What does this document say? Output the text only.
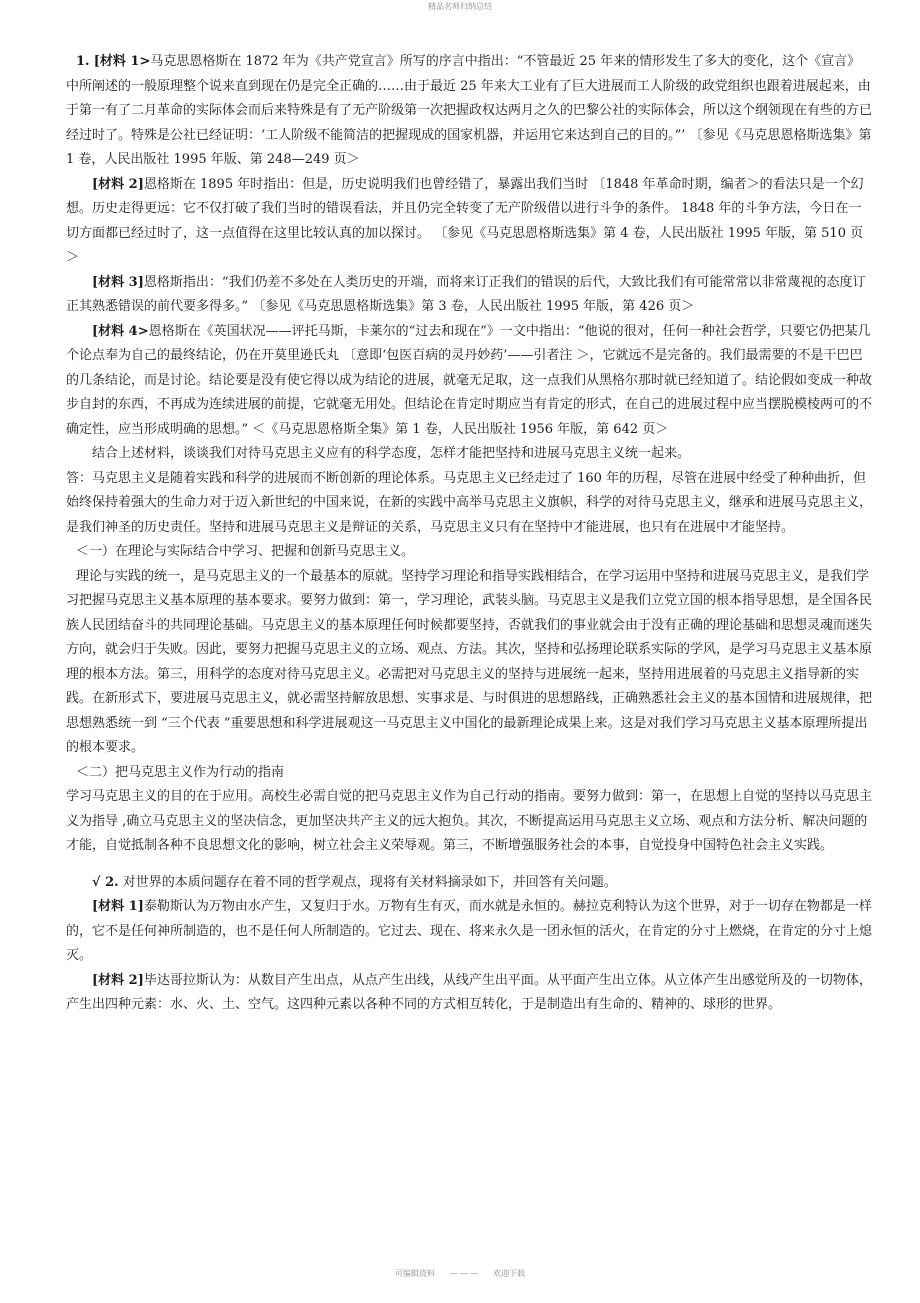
精品名师归纳总结

1. [材料 1>马克思恩格斯在 1872 年为《共产党宣言》所写的序言中指出：“不管最近 25 年来的情形发生了多大的变化，这个《宣言》中所阐述的一般原理整个说来直到现在仍是完全正确的……由于最近 25 年来大工业有了巨大进展而工人阶级的政党组织也跟着进展起来，由于第一有了二月革命的实际体会而后来特殊是有了无产阶级第一次把握政权达两月之久的巴黎公社的实际体会，所以这个纲领现在有些的方已经过时了。特殊是公社已经证明：‘工人阶级不能简洁的把握现成的国家机器，并运用它来达到自己的目的。”’ 〔参见《马克思恩格斯选集》第 1 卷，人民出版社 1995 年版、第 248—249 页＞

[材料 2]恩格斯在 1895 年时指出：但是，历史说明我们也曾经错了，暴露出我们当时 〔1848 年革命时期，编者＞的看法只是一个幻想。历史走得更远：它不仅打破了我们当时的错误看法，并且仍完全转变了无产阶级借以进行斗争的条件。 1848 年的斗争方法，今日在一切方面都已经过时了，这一点值得在这里比较认真的加以探讨。 〔参见《马克思恩格斯选集》第 4 卷，人民出版社 1995 年版，第 510 页＞

[材料 3]恩格斯指出：“我们仍差不多处在人类历史的开端，而将来订正我们的错误的后代，大致比我们有可能常常以非常蔑视的态度订正其熟悉错误的前代要多得多。” 〔参见《马克思恩格斯选集》第 3 卷，人民出版社 1995 年版，第 426 页＞

[材料 4>恩格斯在《英国状况——评托马斯，卡莱尔的“过去和现在”》一文中指出：“他说的很对，任何一种社会哲学，只要它仍把某几个论点奉为自己的最终结论，仍在开莫里逊氏丸 〔意即‘包医百病的灵丹妙药’——引者注 ＞，它就远不是完备的。我们最需要的不是干巴巴的几条结论，而是讨论。结论要是没有使它得以成为结论的进展，就毫无足取，这一点我们从黑格尔那时就已经知道了。结论假如变成一种故步自封的东西，不再成为连续进展的前提，它就毫无用处。但结论在肯定时期应当有肯定的形式，在自己的进展过程中应当摆脱模棱两可的不确定性，应当形成明确的思想。” ＜《马克思恩格斯全集》第 1 卷，人民出版社 1956 年版，第 642 页＞

结合上述材料，谈谈我们对待马克思主义应有的科学态度，怎样才能把坚持和进展马克思主义统一起来。

答：马克思主义是随着实践和科学的进展而不断创新的理论体系。马克思主义已经走过了 160 年的历程，尽管在进展中经受了种种曲折，但始终保持着强大的生命力对于迈入新世纪的中国来说，在新的实践中高举马克思主义旗帜，科学的对待马克思主义，继承和进展马克思主义，是我们神圣的历史责任。坚持和进展马克思主义是辩证的关系，马克思主义只有在坚持中才能进展，也只有在进展中才能坚持。

＜一）在理论与实际结合中学习、把握和创新马克思主义。

理论与实践的统一，是马克思主义的一个最基本的原就。坚持学习理论和指导实践相结合，在学习运用中坚持和进展马克思主义，是我们学习把握马克思主义基本原理的基本要求。要努力做到：第一，学习理论，武装头脑。马克思主义是我们立党立国的根本指导思想，是全国各民族人民团结奋斗的共同理论基础。马克思主义的基本原理任何时候都要坚持，否就我们的事业就会由于没有正确的理论基础和思想灵魂而迷失方向，就会归于失败。因此，要努力把握马克思主义的立场、观点、方法。其次，坚持和弘扬理论联系实际的学风，是学习马克思主义基本原理的根本方法。第三，用科学的态度对待马克思主义。必需把对马克思主义的坚持与进展统一起来，坚持用进展着的马克思主义指导新的实践。在新形式下，要进展马克思主义，就必需坚持解放思想、实事求是、与时俱进的思想路线，正确熟悉社会主义的基本国情和进展规律，把思想熟悉统一到 “三个代表 ”重要思想和科学进展观这一马克思主义中国化的最新理论成果上来。这是对我们学习马克思主义基本原理所提出的根本要求。

＜二）把马克思主义作为行动的指南

学习马克思主义的目的在于应用。高校生必需自觉的把马克思主义作为自己行动的指南。要努力做到：第一，在思想上自觉的坚持以马克思主义为指导 ,确立马克思主义的坚决信念，更加坚决共产主义的远大抱负。其次，不断提高运用马克思主义立场、观点和方法分析、解决问题的才能，自觉抵制各种不良思想文化的影响，树立社会主义荣辱观。第三，不断增强服务社会的本事，自觉投身中国特色社会主义实践。

√ 2. 对世界的本质问题存在着不同的哲学观点，现将有关材料摘录如下，并回答有关问题。

[材料 1]泰勒斯认为万物由水产生，又复归于水。万物有生有灭，而水就是永恒的。赫拉克利特认为这个世界，对于一切存在物都是一样的，它不是任何神所制造的，也不是任何人所制造的。它过去、现在、将来永久是一团永恒的活火，在肯定的分寸上燃烧，在肯定的分寸上熄灭。

[材料 2]毕达哥拉斯认为：从数目产生出点，从点产生出线，从线产生出平面。从平面产生出立体。从立体产生出感觉所及的一切物体，产生出四种元素：水、火、土、空气。这四种元素以各种不同的方式相互转化，于是制造出有生命的、精神的、球形的世界。

可编辑资料 — — — 欢迎下载
